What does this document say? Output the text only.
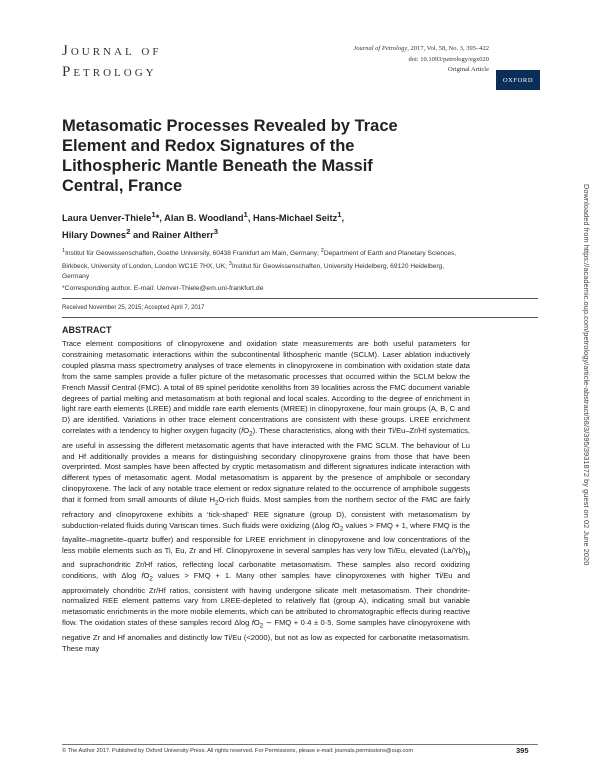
Journal of
Petrology
Journal of Petrology, 2017, Vol. 58, No. 3, 395–422
doi: 10.1093/petrology/egx020
Original Article
OXFORD
Metasomatic Processes Revealed by Trace Element and Redox Signatures of the Lithospheric Mantle Beneath the Massif Central, France
Laura Uenver-Thiele$^1$*, Alan B. Woodland$^1$, Hans-Michael Seitz$^1$,
Hilary Downes$^2$ and Rainer Altherr$^3$
$^1$Institut für Geowissenschaften, Goethe University, 60438 Frankfurt am Main, Germany; $^2$Department of Earth and Planetary Sciences, Birkbeck, University of London, London WC1E 7HX, UK; $^3$Institut für Geowissenschaften, University Heidelberg, 69120 Heidelberg, Germany
*Corresponding author. E-mail: Uenver-Thiele@em.uni-frankfurt.de
Received November 25, 2015; Accepted April 7, 2017
ABSTRACT

Trace element compositions of clinopyroxene and oxidation state measurements are both useful parameters for constraining metasomatic interactions within the subcontinental lithospheric mantle (SCLM). Laser ablation inductively coupled plasma mass spectrometry analyses of trace elements in clinopyroxene in combination with oxidation state data from the same samples provide a fuller picture of the metasomatic processes that occurred within the SCLM below the French Massif Central (FMC). A total of 89 spinel peridotite xenoliths from 39 localities across the FMC document variable degrees of partial melting and metasomatism at both regional and local scales. According to the degree of enrichment in light rare earth elements (LREE) and middle rare earth elements (MREE) in clinopyroxene, four main groups (A, B, C and D) are identified. Variations in other trace element concentrations are consistent with these groups. LREE enrichment correlates with a tendency to higher oxygen fugacity $(fO_2)$. These characteristics, along with their Ti/Eu–Zr/Hf systematics, are useful in assessing the different metasomatic agents that have interacted with the FMC SCLM. The behaviour of Lu and Hf additionally provides a means for distinguishing secondary clinopyroxene grains from those that have been overprinted. Most samples have been affected by cryptic metasomatism and different signatures indicate interaction with different types of metasomatic agent. Modal metasomatism is apparent by the presence of amphibole or secondary clinopyroxene. The lack of any notable trace element or redox signature related to the occurrence of amphibole suggests that it formed from small amounts of dilute $H_2O$-rich fluids. Most samples from the northern sector of the FMC are fairly refractory and clinopyroxene exhibits a ‘tick-shaped’ REE signature (group D), consistent with metasomatism by subduction-related fluids during Variscan times. Such fluids were oxidizing (Δlog $fO_2$ values > FMQ + 1, where FMQ is the fayalite–magnetite–quartz buffer) and responsible for LREE enrichment in clinopyroxene and low concentrations of the less mobile elements such as Ti, Eu, Zr and Hf. Clinopyroxene in several samples has very low Ti/Eu, elevated $(La/Yb)_N$ and suprachondritic Zr/Hf ratios, reflecting local carbonatite metasomatism. These samples also record oxidizing conditions, with Δlog $fO_2$ values > FMQ + 1. Many other samples have clinopyroxenes with higher Ti/Eu and approximately chondritic Zr/Hf ratios, consistent with having undergone silicate melt metasomatism. Their chondrite-normalized REE element patterns vary from LREE-depleted to relatively flat (group A), indicating small but variable metasomatic enrichments in the more mobile elements, which can be attributed to chromatographic effects during reactive flow. The oxidation states of these samples record Δlog $fO_2$ ∼ FMQ + 0·4 ± 0·5. Some samples have clinopyroxene with negative Zr and Hf anomalies and distinctly low Ti/Eu (<2000), but not as low as expected for carbonatite metasomatism. These may

© The Author 2017. Published by Oxford University Press. All rights reserved. For Permissions, please e-mail: journals.permissions@oup.com	395
Downloaded from https://academic.oup.com/petrology/article-abstract/58/3/395/3931872 by guest on 02 June 2020
